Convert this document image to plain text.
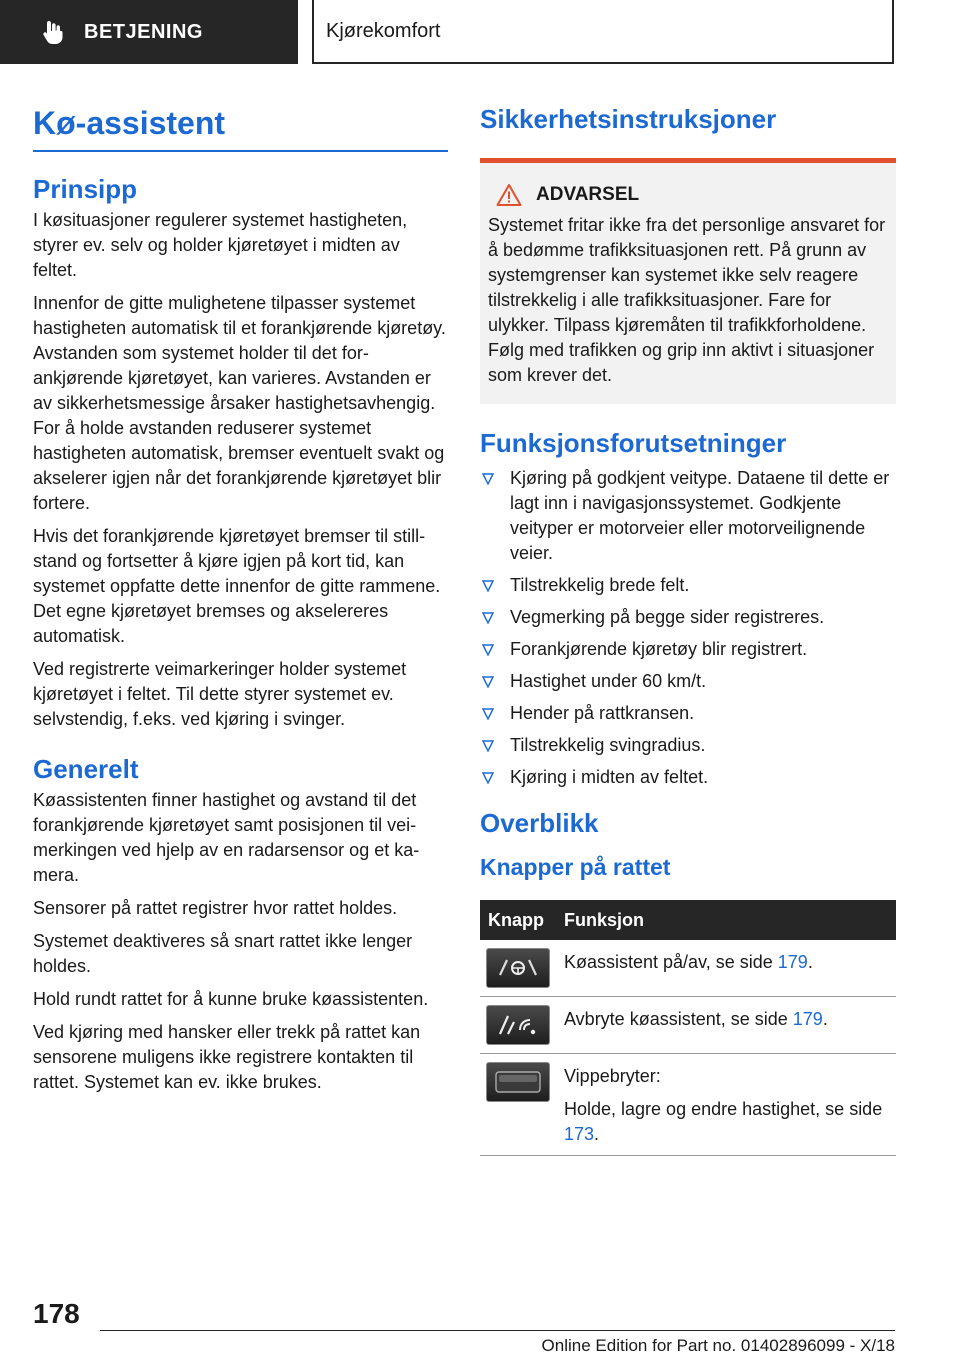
BETJENING	Kjørekomfort
Kø-assistent
Prinsipp

I køsituasjoner regulerer systemet hastigheten, styrer ev. selv og holder kjøretøyet i midten av feltet.

Innenfor de gitte mulighetene tilpasser systemet hastigheten automatisk til et forankjørende kjøretøy. Avstanden som systemet holder til det forankjørende kjøretøyet, kan varieres. Avstanden er av sikkerhetsmessige årsaker hastighetsavhengig. For å holde avstanden reduserer systemet hastigheten automatisk, bremser eventuelt svakt og akselerer igjen når det forankjørende kjøretøyet blir fortere.

Hvis det forankjørende kjøretøyet bremser til stillstand og fortsetter å kjøre igjen på kort tid, kan systemet oppfatte dette innenfor de gitte rammene. Det egne kjøretøyet bremses og akselereres automatisk.

Ved registrerte veimarkeringer holder systemet kjøretøyet i feltet. Til dette styrer systemet ev. selvstendig, f.eks. ved kjøring i svinger.

Generelt

Køassistenten finner hastighet og avstand til det forankjørende kjøretøyet samt posisjonen til veimerkingen ved hjelp av en radarsensor og et kamera.

Sensorer på rattet registrer hvor rattet holdes.

Systemet deaktiveres så snart rattet ikke lenger holdes.

Hold rundt rattet for å kunne bruke køassistenten.

Ved kjøring med hansker eller trekk på rattet kan sensorene muligens ikke registrere kontakten til rattet. Systemet kan ev. ikke brukes.

Sikkerhetsinstruksjoner
ADVARSEL

Systemet fritar ikke fra det personlige ansvaret for å bedømme trafikksituasjonen rett. På grunn av systemgrenser kan systemet ikke selv reagere tilstrekkelig i alle trafikksituasjoner. Fare for ulykker. Tilpass kjøremåten til trafikkforholdene. Følg med trafikken og grip inn aktivt i situasjoner som krever det.

Funksjonsforutsetninger
Kjøring på godkjent veitype. Dataene til dette er lagt inn i navigasjonssystemet. Godkjente veityper er motorveier eller motorveilignende veier.
Tilstrekkelig brede felt.
Vegmerking på begge sider registreres.
Forankjørende kjøretøy blir registrert.
Hastighet under 60 km/t.
Hender på rattkransen.
Tilstrekkelig svingradius.
Kjøring i midten av feltet.
Overblikk
Knapper på rattet
Knapp	Funksjon

	Køassistent på/av, se side 179.

	Avbryte køassistent, se side 179.

Vippebryter:

Holde, lagre og endre hastighet, se side 173.

178
Online Edition for Part no. 01402896099 - X/18
